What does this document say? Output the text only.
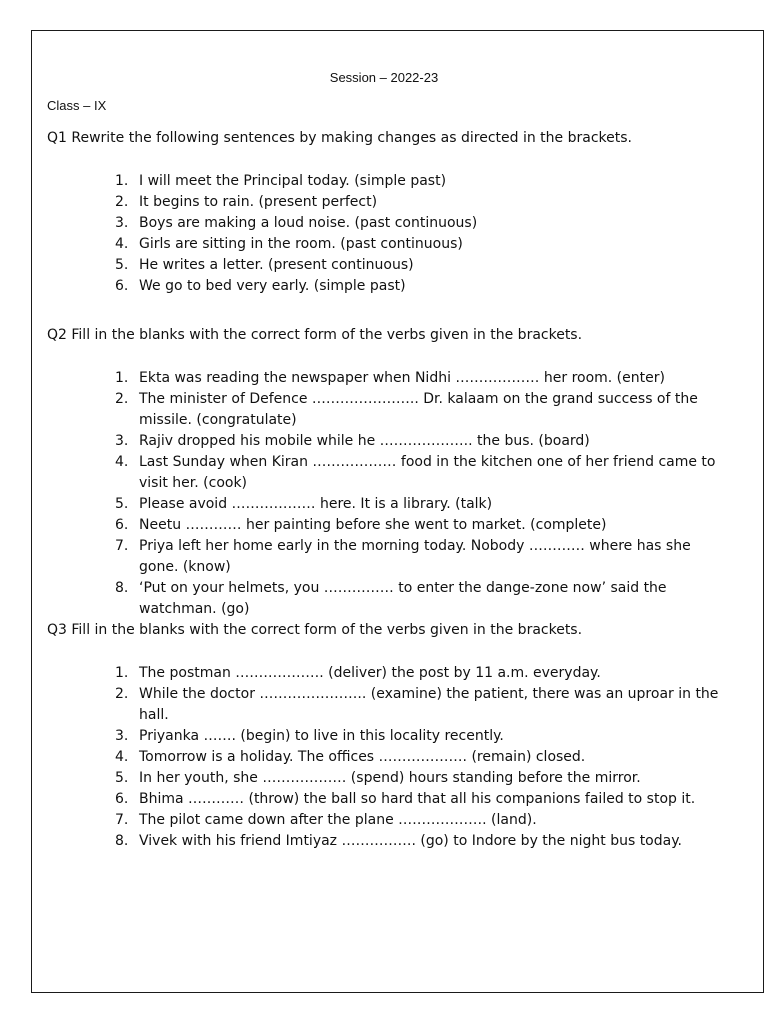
Session – 2022-23
Class – IX
Q1 Rewrite the following sentences by making changes as directed in the brackets.
1. I will meet the Principal today. (simple past)
2. It begins to rain. (present perfect)
3. Boys are making a loud noise. (past continuous)
4. Girls are sitting in the room. (past continuous)
5. He writes a letter. (present continuous)
6. We go to bed very early. (simple past)
Q2 Fill in the blanks with the correct form of the verbs given in the brackets.
1. Ekta was reading the newspaper when Nidhi ……………… her room. (enter)
2. The minister of Defence ………………….. Dr. kalaam on the grand success of the missile. (congratulate)
3. Rajiv dropped his mobile while he ……………….. the bus. (board)
4. Last Sunday when Kiran ……………… food in the kitchen one of her friend came to visit her. (cook)
5. Please avoid ……………… here. It is a library. (talk)
6. Neetu ………… her painting before she went to market. (complete)
7. Priya left her home early in the morning today. Nobody ………… where has she gone. (know)
8. ‘Put on your helmets, you …………… to enter the dange-zone now’ said the watchman. (go)
Q3 Fill in the blanks with the correct form of the verbs given in the brackets.
1. The postman ………………. (deliver) the post by 11 a.m. everyday.
2. While the doctor ………………….. (examine) the patient, there was an uproar in the hall.
3. Priyanka ……. (begin) to live in this locality recently.
4. Tomorrow is a holiday. The offices ………………. (remain) closed.
5. In her youth, she ……………… (spend) hours standing before the mirror.
6. Bhima ………… (throw) the ball so hard that all his companions failed to stop it.
7. The pilot came down after the plane ………………. (land).
8. Vivek with his friend Imtiyaz ……………. (go) to Indore by the night bus today.
